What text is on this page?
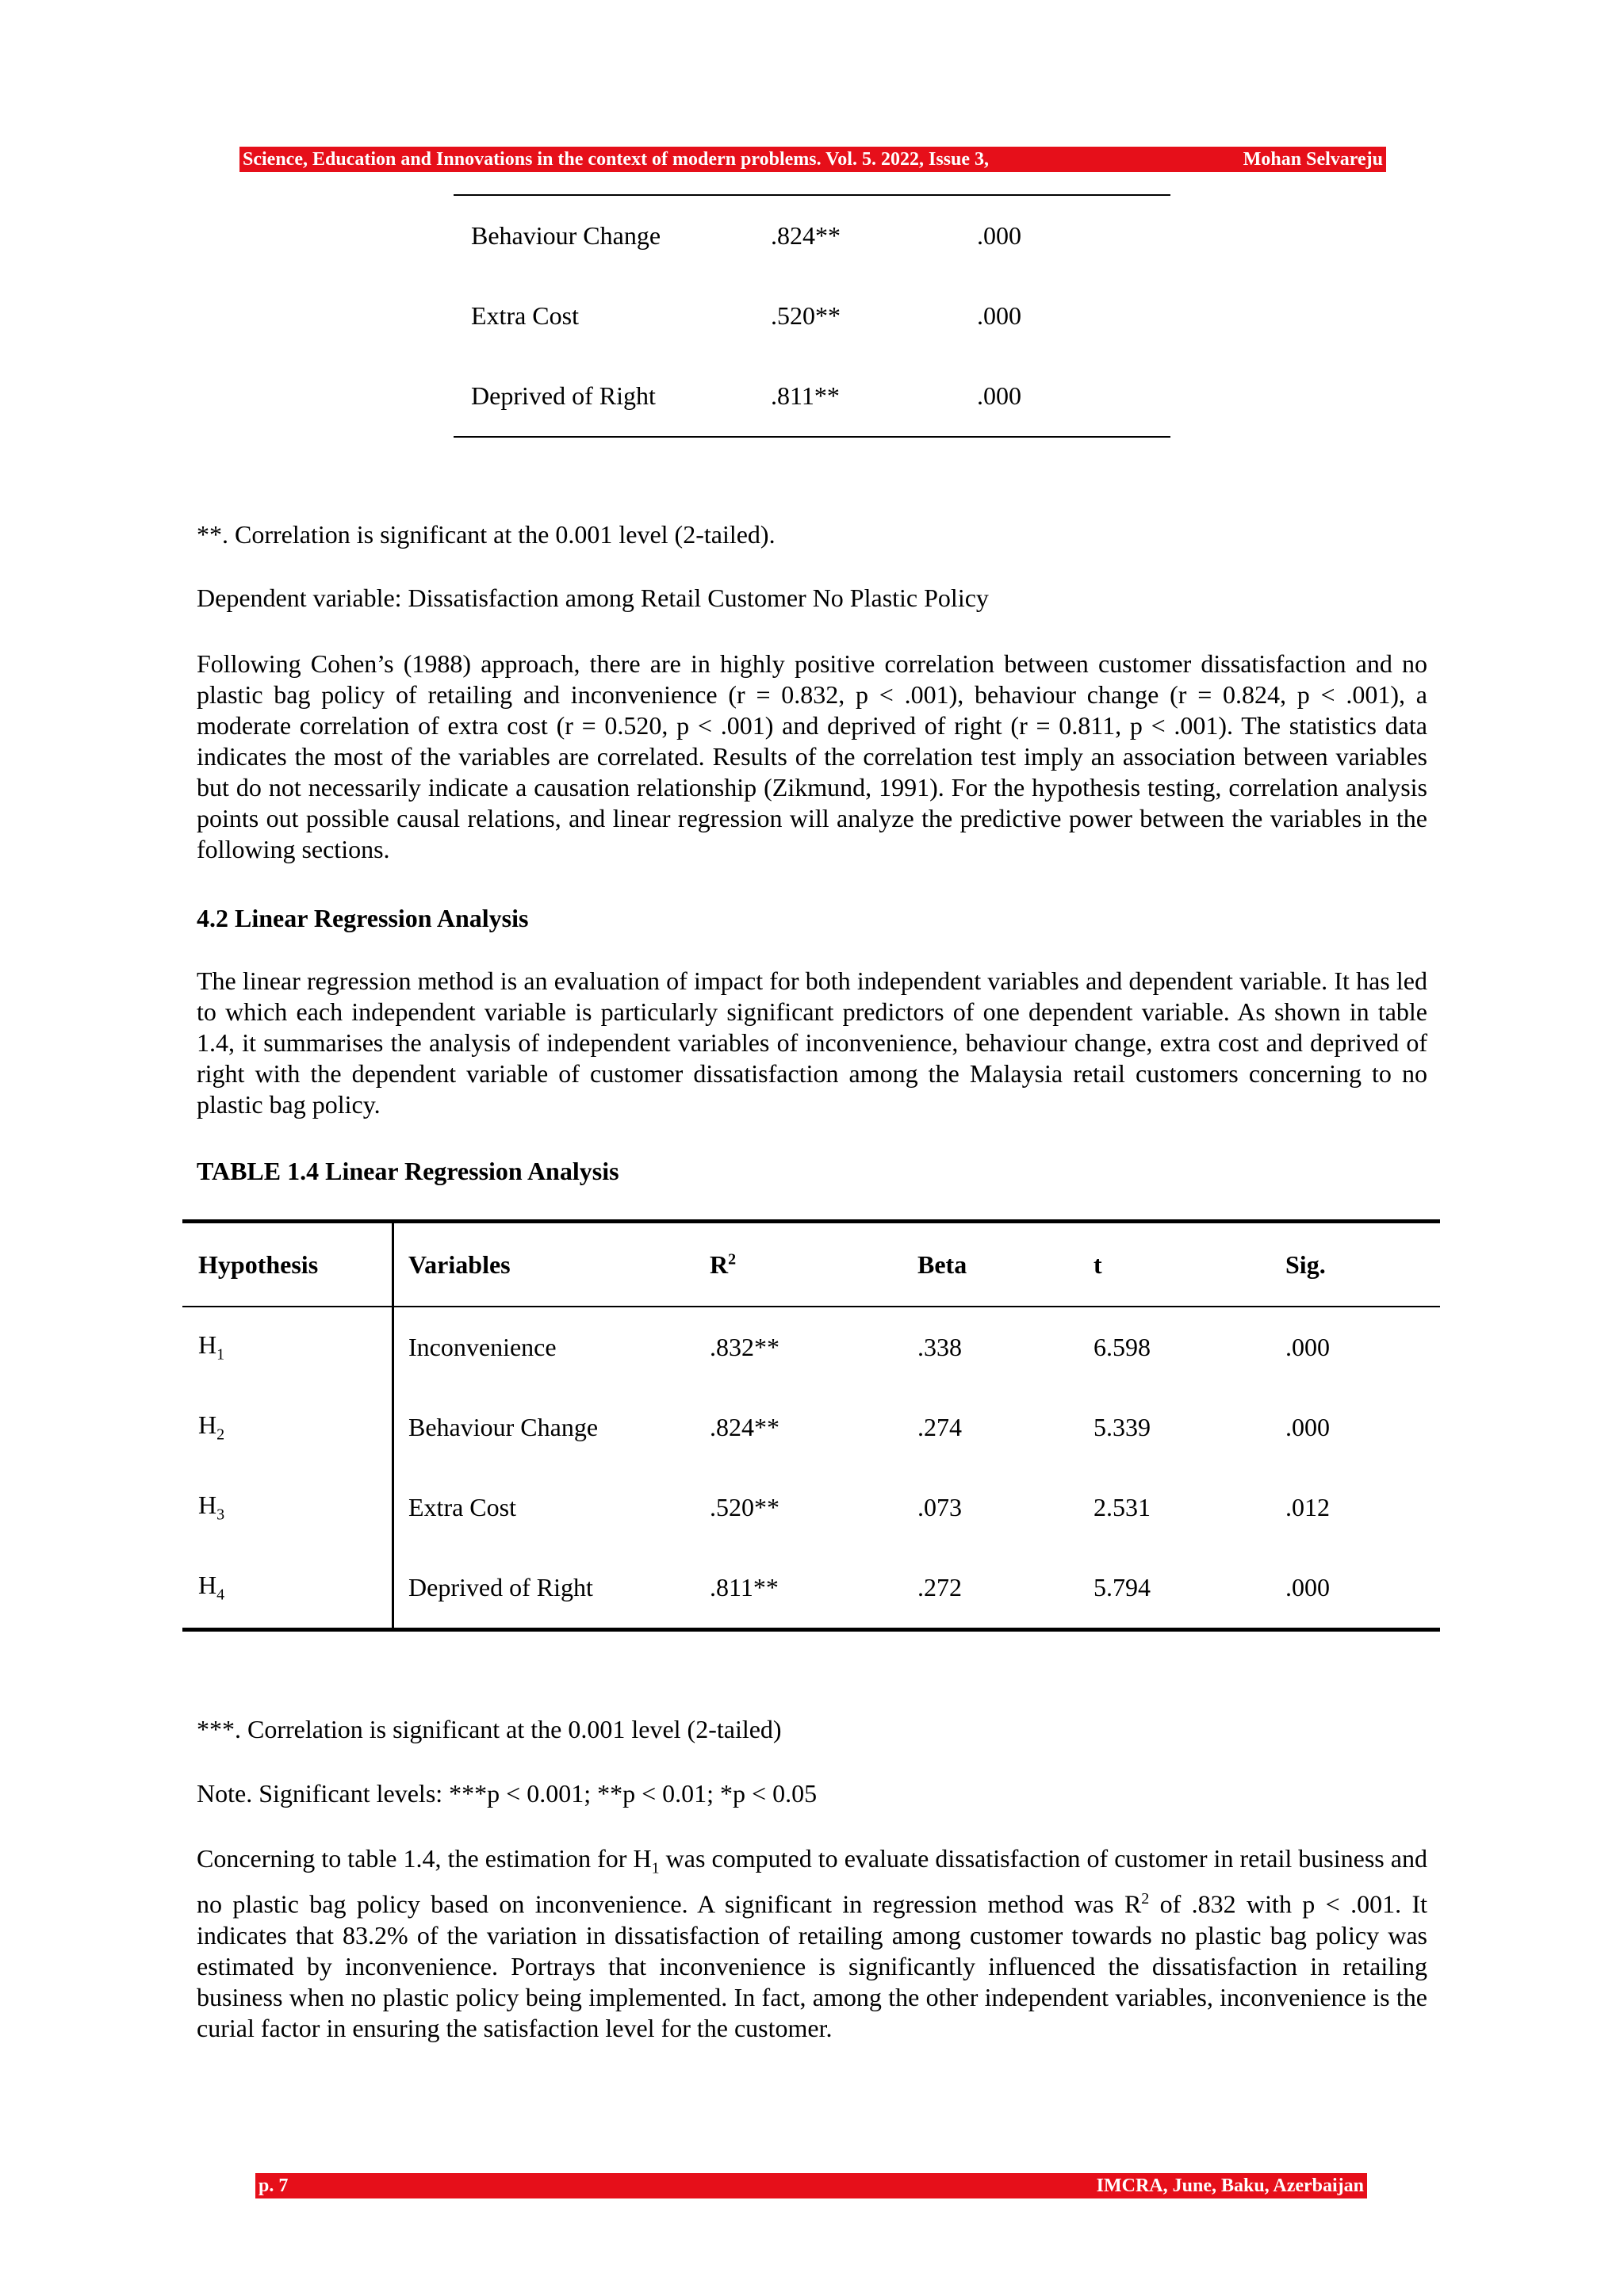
Science, Education and Innovations in the context of modern problems. Vol. 5. 2022, Issue 3,	Mohan Selvareju
Behaviour Change	.824**	.000
Extra Cost	.520**	.000
Deprived of Right	.811**	.000
**. Correlation is significant at the 0.001 level (2-tailed).
Dependent variable: Dissatisfaction among Retail Customer No Plastic Policy
Following Cohen’s (1988) approach, there are in highly positive correlation between customer dissatisfaction and no plastic bag policy of retailing and inconvenience (r = 0.832, p < .001), behaviour change (r = 0.824, p < .001), a moderate correlation of extra cost (r = 0.520, p < .001) and deprived of right (r = 0.811, p < .001). The statistics data indicates the most of the variables are correlated. Results of the correlation test imply an association between variables but do not necessarily indicate a causation relationship (Zikmund, 1991). For the hypothesis testing, correlation analysis points out possible causal relations, and linear regression will analyze the predictive power between the variables in the following sections.
4.2 Linear Regression Analysis
The linear regression method is an evaluation of impact for both independent variables and dependent variable. It has led to which each independent variable is particularly significant predictors of one dependent variable. As shown in table 1.4, it summarises the analysis of independent variables of inconvenience, behaviour change, extra cost and deprived of right with the dependent variable of customer dissatisfaction among the Malaysia retail customers concerning to no plastic bag policy.
TABLE 1.4 Linear Regression Analysis
Hypothesis	Variables	$R^2$	Beta	t	Sig.
$H_1$	Inconvenience	.832**	.338	6.598	.000
$H_2$	Behaviour Change	.824**	.274	5.339	.000
$H_3$	Extra Cost	.520**	.073	2.531	.012
$H_4$	Deprived of Right	.811**	.272	5.794	.000
***. Correlation is significant at the 0.001 level (2-tailed)
Note. Significant levels: ***p < 0.001; **p < 0.01; *p < 0.05
Concerning to table 1.4, the estimation for $H_1$ was computed to evaluate dissatisfaction of customer in retail business and no plastic bag policy based on inconvenience. A significant in regression method was $R^2$ of .832 with p < .001. It indicates that 83.2% of the variation in dissatisfaction of retailing among customer towards no plastic bag policy was estimated by inconvenience. Portrays that inconvenience is significantly influenced the dissatisfaction in retailing business when no plastic policy being implemented. In fact, among the other independent variables, inconvenience is the curial factor in ensuring the satisfaction level for the customer.
p. 7	IMCRA, June, Baku, Azerbaijan
